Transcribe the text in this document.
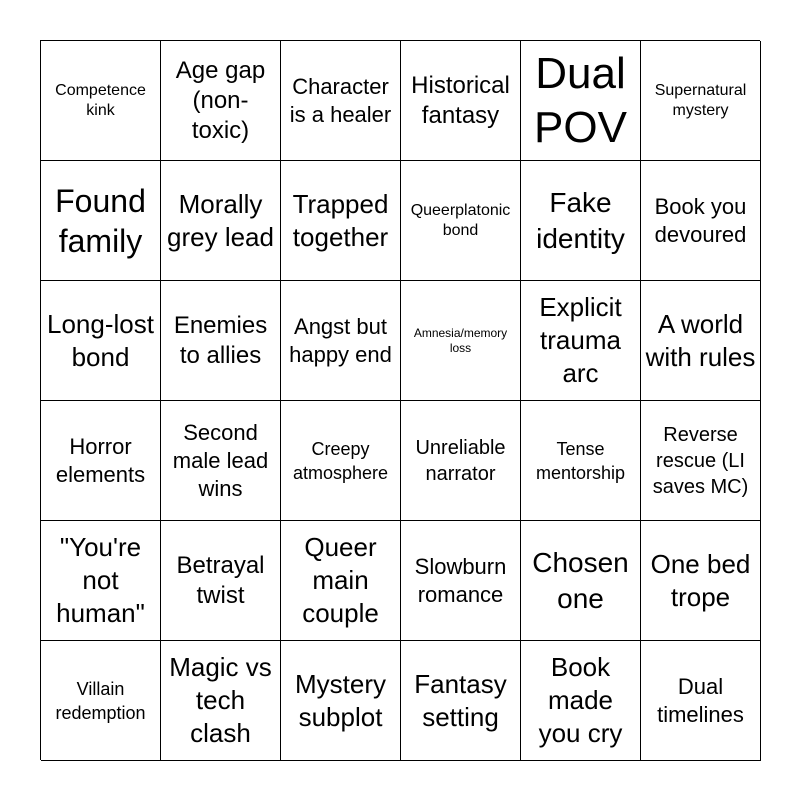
Competence kink
Age gap (non-toxic)
Character is a healer
Historical fantasy
Dual POV
Supernatural mystery
Found family
Morally grey lead
Trapped together
Queerplatonic bond
Fake identity
Book you devoured
Long-lost bond
Enemies to allies
Angst but happy end
Amnesia/memory loss
Explicit trauma arc
A world with rules
Horror elements
Second male lead wins
Creepy atmosphere
Unreliable narrator
Tense mentorship
Reverse rescue (LI saves MC)
"You're not human"
Betrayal twist
Queer main couple
Slowburn romance
Chosen one
One bed trope
Villain redemption
Magic vs tech clash
Mystery subplot
Fantasy setting
Book made you cry
Dual timelines
